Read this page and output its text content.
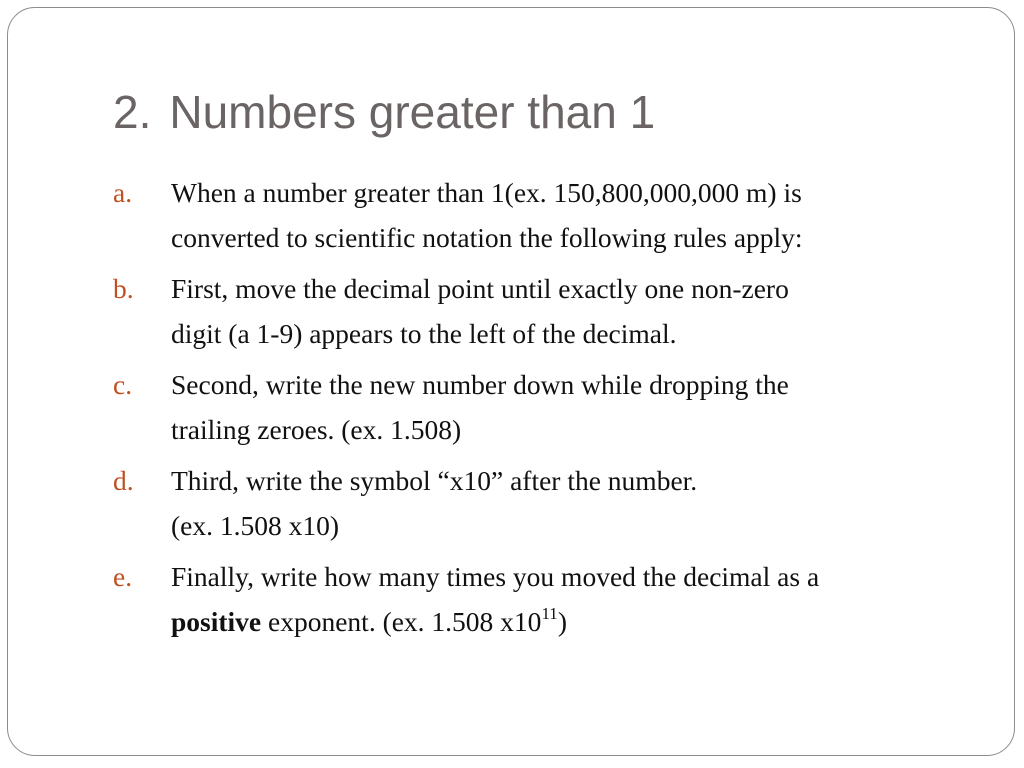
2. Numbers greater than 1
a. When a number greater than 1(ex. 150,800,000,000 m) is
converted to scientific notation the following rules apply:
b. First, move the decimal point until exactly one non-zero
digit (a 1-9) appears to the left of the decimal.
c. Second, write the new number down while dropping the
trailing zeroes. (ex. 1.508)
d. Third, write the symbol “x10” after the number.
(ex. 1.508 x10)
e. Finally, write how many times you moved the decimal as a
positive exponent. (ex. 1.508 $x10^{11}$)
